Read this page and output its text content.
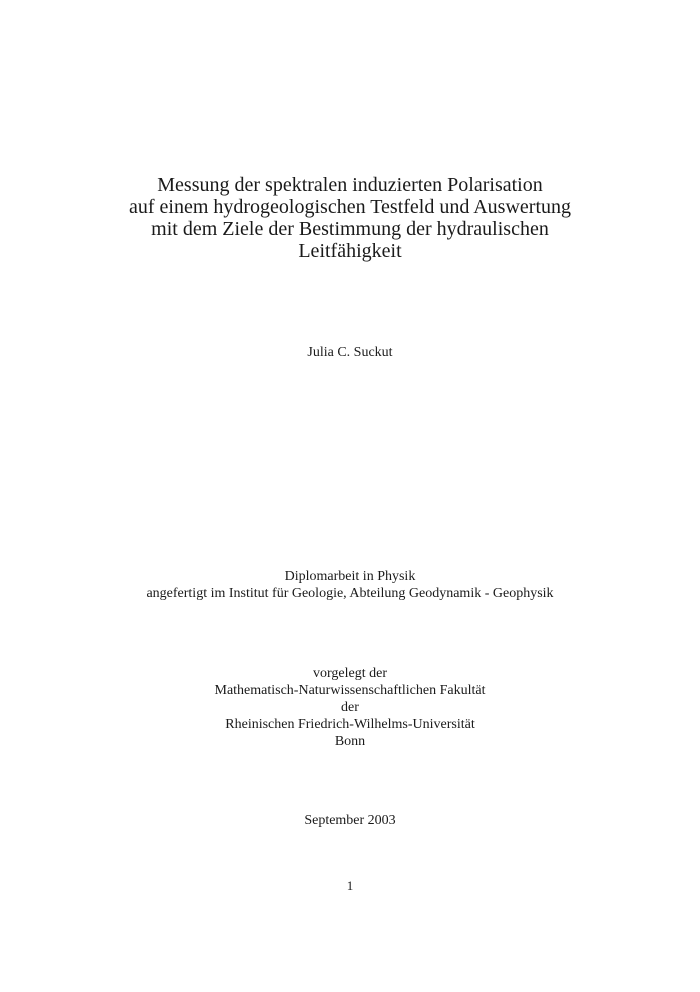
Messung der spektralen induzierten Polarisation
auf einem hydrogeologischen Testfeld und Auswertung
mit dem Ziele der Bestimmung der hydraulischen
Leitfähigkeit
Julia C. Suckut
Diplomarbeit in Physik
angefertigt im Institut für Geologie, Abteilung Geodynamik - Geophysik
vorgelegt der
Mathematisch-Naturwissenschaftlichen Fakultät
der
Rheinischen Friedrich-Wilhelms-Universität
Bonn
September 2003
1
